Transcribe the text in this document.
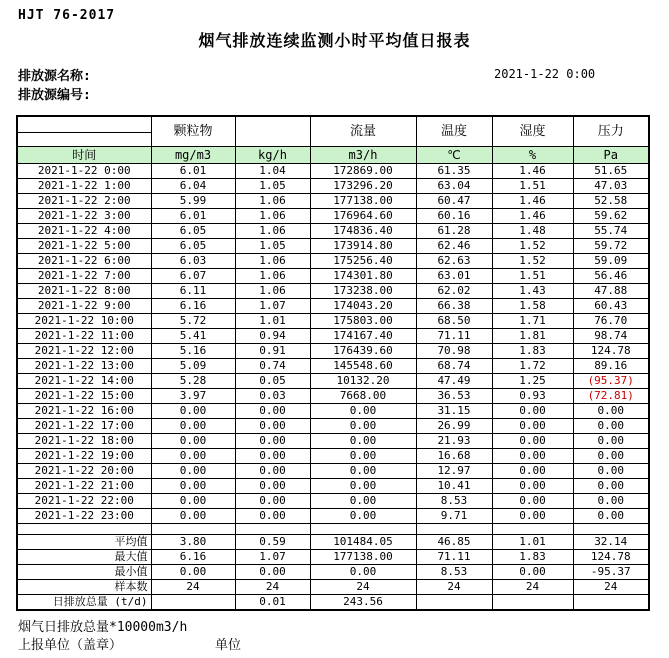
HJT 76-2017
烟气排放连续监测小时平均值日报表
排放源名称:
排放源编号:
2021-1-22 0:00
	颗粒物		流量	温度	湿度	压力
时间	mg/m3	kg/h	m3/h	℃	%	Pa
2021-1-22 0:00	6.01	1.04	172869.00	61.35	1.46	51.65
2021-1-22 1:00	6.04	1.05	173296.20	63.04	1.51	47.03
2021-1-22 2:00	5.99	1.06	177138.00	60.47	1.46	52.58
2021-1-22 3:00	6.01	1.06	176964.60	60.16	1.46	59.62
2021-1-22 4:00	6.05	1.06	174836.40	61.28	1.48	55.74
2021-1-22 5:00	6.05	1.05	173914.80	62.46	1.52	59.72
2021-1-22 6:00	6.03	1.06	175256.40	62.63	1.52	59.09
2021-1-22 7:00	6.07	1.06	174301.80	63.01	1.51	56.46
2021-1-22 8:00	6.11	1.06	173238.00	62.02	1.43	47.88
2021-1-22 9:00	6.16	1.07	174043.20	66.38	1.58	60.43
2021-1-22 10:00	5.72	1.01	175803.00	68.50	1.71	76.70
2021-1-22 11:00	5.41	0.94	174167.40	71.11	1.81	98.74
2021-1-22 12:00	5.16	0.91	176439.60	70.98	1.83	124.78
2021-1-22 13:00	5.09	0.74	145548.60	68.74	1.72	89.16
2021-1-22 14:00	5.28	0.05	10132.20	47.49	1.25	(95.37)
2021-1-22 15:00	3.97	0.03	7668.00	36.53	0.93	(72.81)
2021-1-22 16:00	0.00	0.00	0.00	31.15	0.00	0.00
2021-1-22 17:00	0.00	0.00	0.00	26.99	0.00	0.00
2021-1-22 18:00	0.00	0.00	0.00	21.93	0.00	0.00
2021-1-22 19:00	0.00	0.00	0.00	16.68	0.00	0.00
2021-1-22 20:00	0.00	0.00	0.00	12.97	0.00	0.00
2021-1-22 21:00	0.00	0.00	0.00	10.41	0.00	0.00
2021-1-22 22:00	0.00	0.00	0.00	8.53	0.00	0.00
2021-1-22 23:00	0.00	0.00	0.00	9.71	0.00	0.00

平均值	3.80	0.59	101484.05	46.85	1.01	32.14
最大值	6.16	1.07	177138.00	71.11	1.83	124.78
最小值	0.00	0.00	0.00	8.53	0.00	-95.37
样本数	24	24	24	24	24	24
日排放总量 (t/d)		0.01	243.56			
烟气日排放总量*10000m3/h
上报单位（盖章）	单位
